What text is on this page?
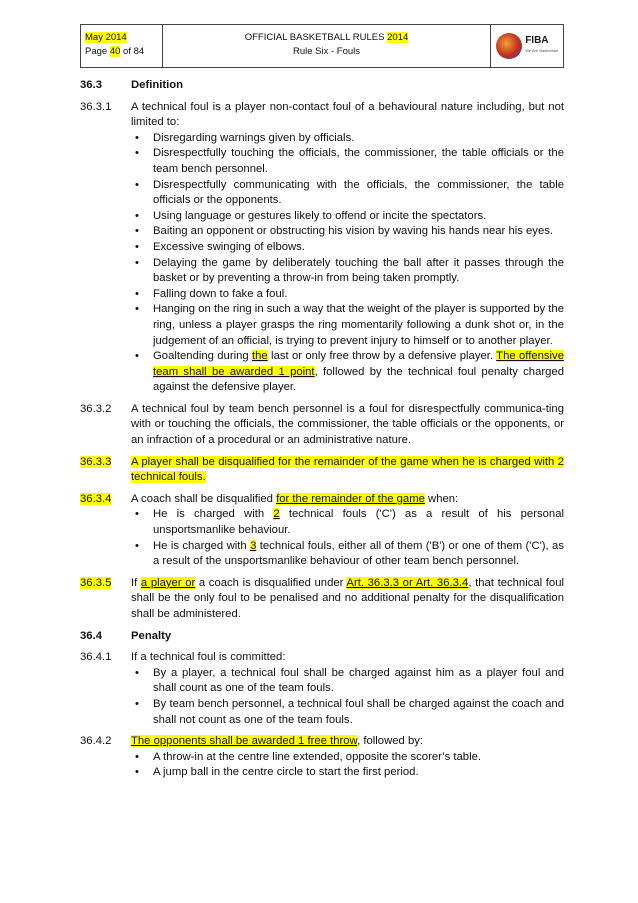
May 2014
Page 40 of 84
OFFICIAL BASKETBALL RULES 2014
Rule Six - Fouls
FIBA
We Are Basketball
36.3	Definition
36.3.1	A technical foul is a player non-contact foul of a behavioural nature including, but not limited to:

• Disregarding warnings given by officials.
• Disrespectfully touching the officials, the commissioner, the table officials or the team bench personnel.
• Disrespectfully communicating with the officials, the commissioner, the table officials or the opponents.
• Using language or gestures likely to offend or incite the spectators.
• Baiting an opponent or obstructing his vision by waving his hands near his eyes.
• Excessive swinging of elbows.
• Delaying the game by deliberately touching the ball after it passes through the basket or by preventing a throw-in from being taken promptly.
• Falling down to fake a foul.
• Hanging on the ring in such a way that the weight of the player is supported by the ring, unless a player grasps the ring momentarily following a dunk shot or, in the judgement of an official, is trying to prevent injury to himself or to another player.
• Goaltending during the last or only free throw by a defensive player. The offensive team shall be awarded 1 point, followed by the technical foul penalty charged against the defensive player.
36.3.2	A technical foul by team bench personnel is a foul for disrespectfully communica-ting with or touching the officials, the commissioner, the table officials or the opponents, or an infraction of a procedural or an administrative nature.
36.3.3	A player shall be disqualified for the remainder of the game when he is charged with 2 technical fouls.
36.3.4	A coach shall be disqualified for the remainder of the game when:

• He is charged with 2 technical fouls ('C') as a result of his personal unsportsmanlike behaviour.
• He is charged with 3 technical fouls, either all of them ('B') or one of them ('C'), as a result of the unsportsmanlike behaviour of other team bench personnel.
36.3.5	If a player or a coach is disqualified under Art. 36.3.3 or Art. 36.3.4, that technical foul shall be the only foul to be penalised and no additional penalty for the disqualification shall be administered.
36.4	Penalty
36.4.1	If a technical foul is committed:

• By a player, a technical foul shall be charged against him as a player foul and shall count as one of the team fouls.
• By team bench personnel, a technical foul shall be charged against the coach and shall not count as one of the team fouls.
36.4.2	The opponents shall be awarded 1 free throw, followed by:

• A throw-in at the centre line extended, opposite the scorer’s table.
• A jump ball in the centre circle to start the first period.
